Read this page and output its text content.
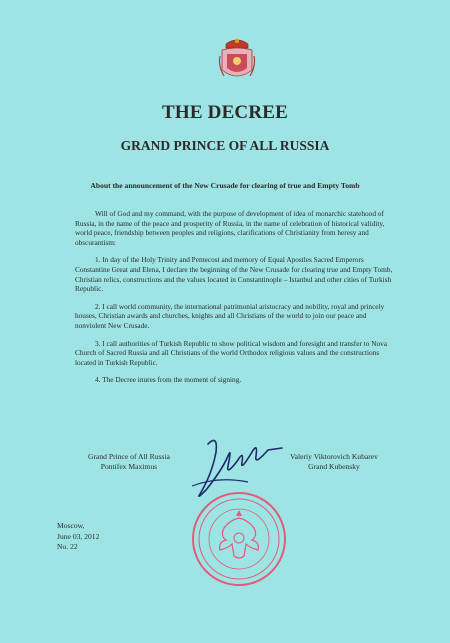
THE DECREE
GRAND PRINCE OF ALL RUSSIA
About the announcement of the New Crusade for clearing of true and Empty Tomb

Will of God and my command, with the purpose of development of idea of monarchic statehood of Russia, in the name of the peace and prosperity of Russia, in the name of celebration of historical validity, world peace, friendship between peoples and religions, clarifications of Christianity from heresy and obscurantism:

1. In day of the Holy Trinity and Pentecost and memory of Equal Apostles Sacred Emperors Constantine Great and Elena, I declare the beginning of the New Crusade for clearing true and Empty Tomb, Christian relics, constructions and the values located in Constantinople – Istanbul and other cities of Turkish Republic.

2. I call world community, the international patrimonial aristocracy and nobility, royal and princely houses, Christian awards and churches, knights and all Christians of the world to join our peace and nonviolent New Crusade.

3. I call authorities of Turkish Republic to show political wisdom and foresight and transfer to Nova Church of Sacred Russia and all Christians of the world Orthodox religious values and the constructions located in Turkish Republic.

4. The Decree inures from the moment of signing.

Grand Prince of All Russia
Pontifex Maximus
Valeriy Viktorovich Kubarev
Grand Kubensky
Moscow,
June 03, 2012
No. 22
